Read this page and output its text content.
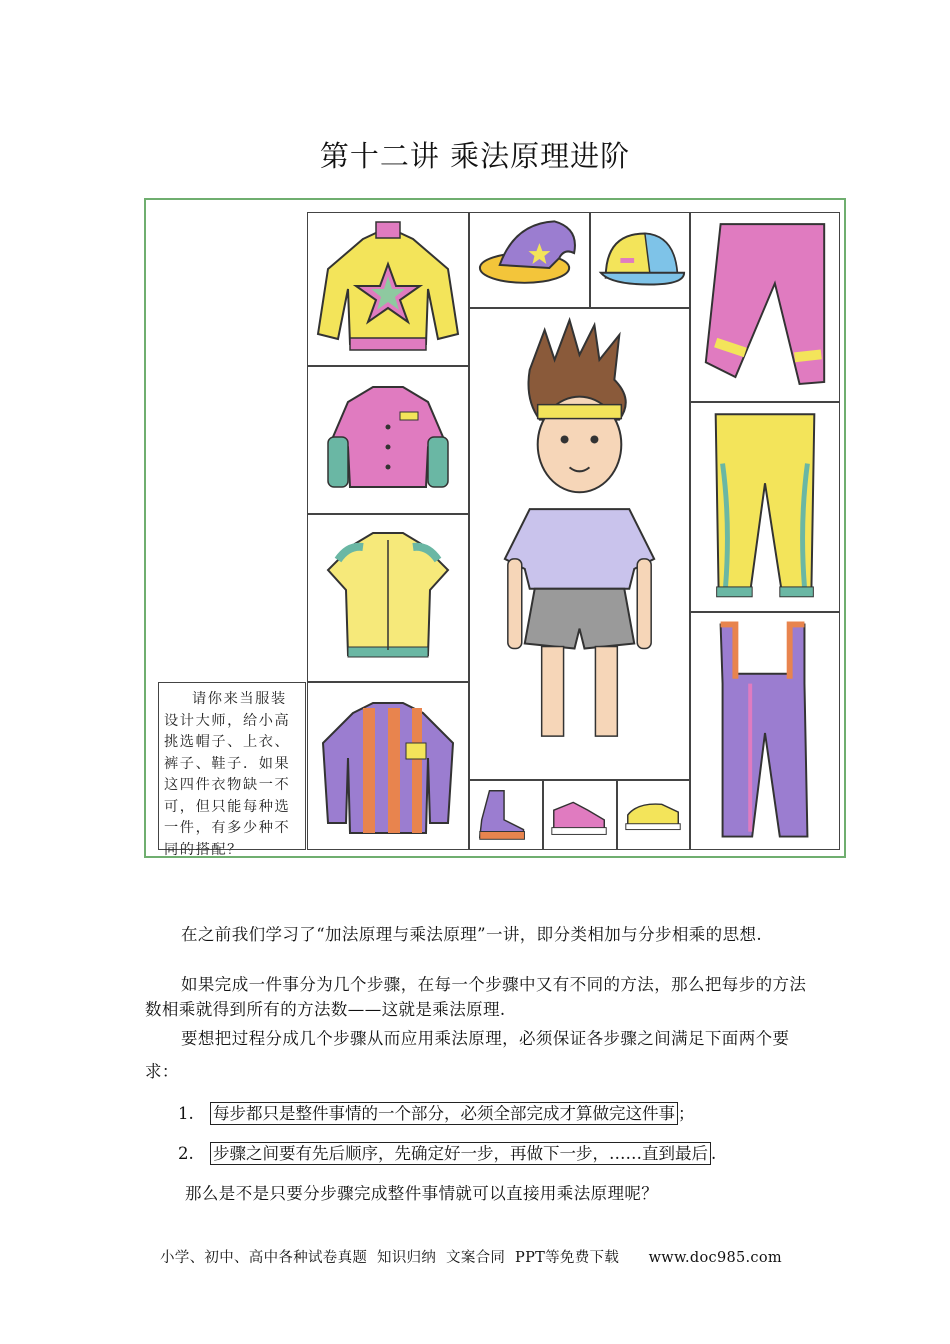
第十二讲 乘法原理进阶
请你来当服装设计大师，给小高挑选帽子、上衣、裤子、鞋子．如果这四件衣物缺一不可，但只能每种选一件，有多少种不同的搭配？
在之前我们学习了“加法原理与乘法原理”一讲，即分类相加与分步相乘的思想.
如果完成一件事分为几个步骤，在每一个步骤中又有不同的方法，那么把每步的方法数相乘就得到所有的方法数——这就是乘法原理.
要想把过程分成几个步骤从而应用乘法原理，必须保证各步骤之间满足下面两个要求：
1. 每步都只是整件事情的一个部分，必须全部完成才算做完这件事 ；
2. 步骤之间要有先后顺序，先确定好一步，再做下一步，……直到最后 .
那么是不是只要分步骤完成整件事情就可以直接用乘法原理呢？
小学、初中、高中各种试卷真题  知识归纳  文案合同  PPT等免费下载      www.doc985.com
